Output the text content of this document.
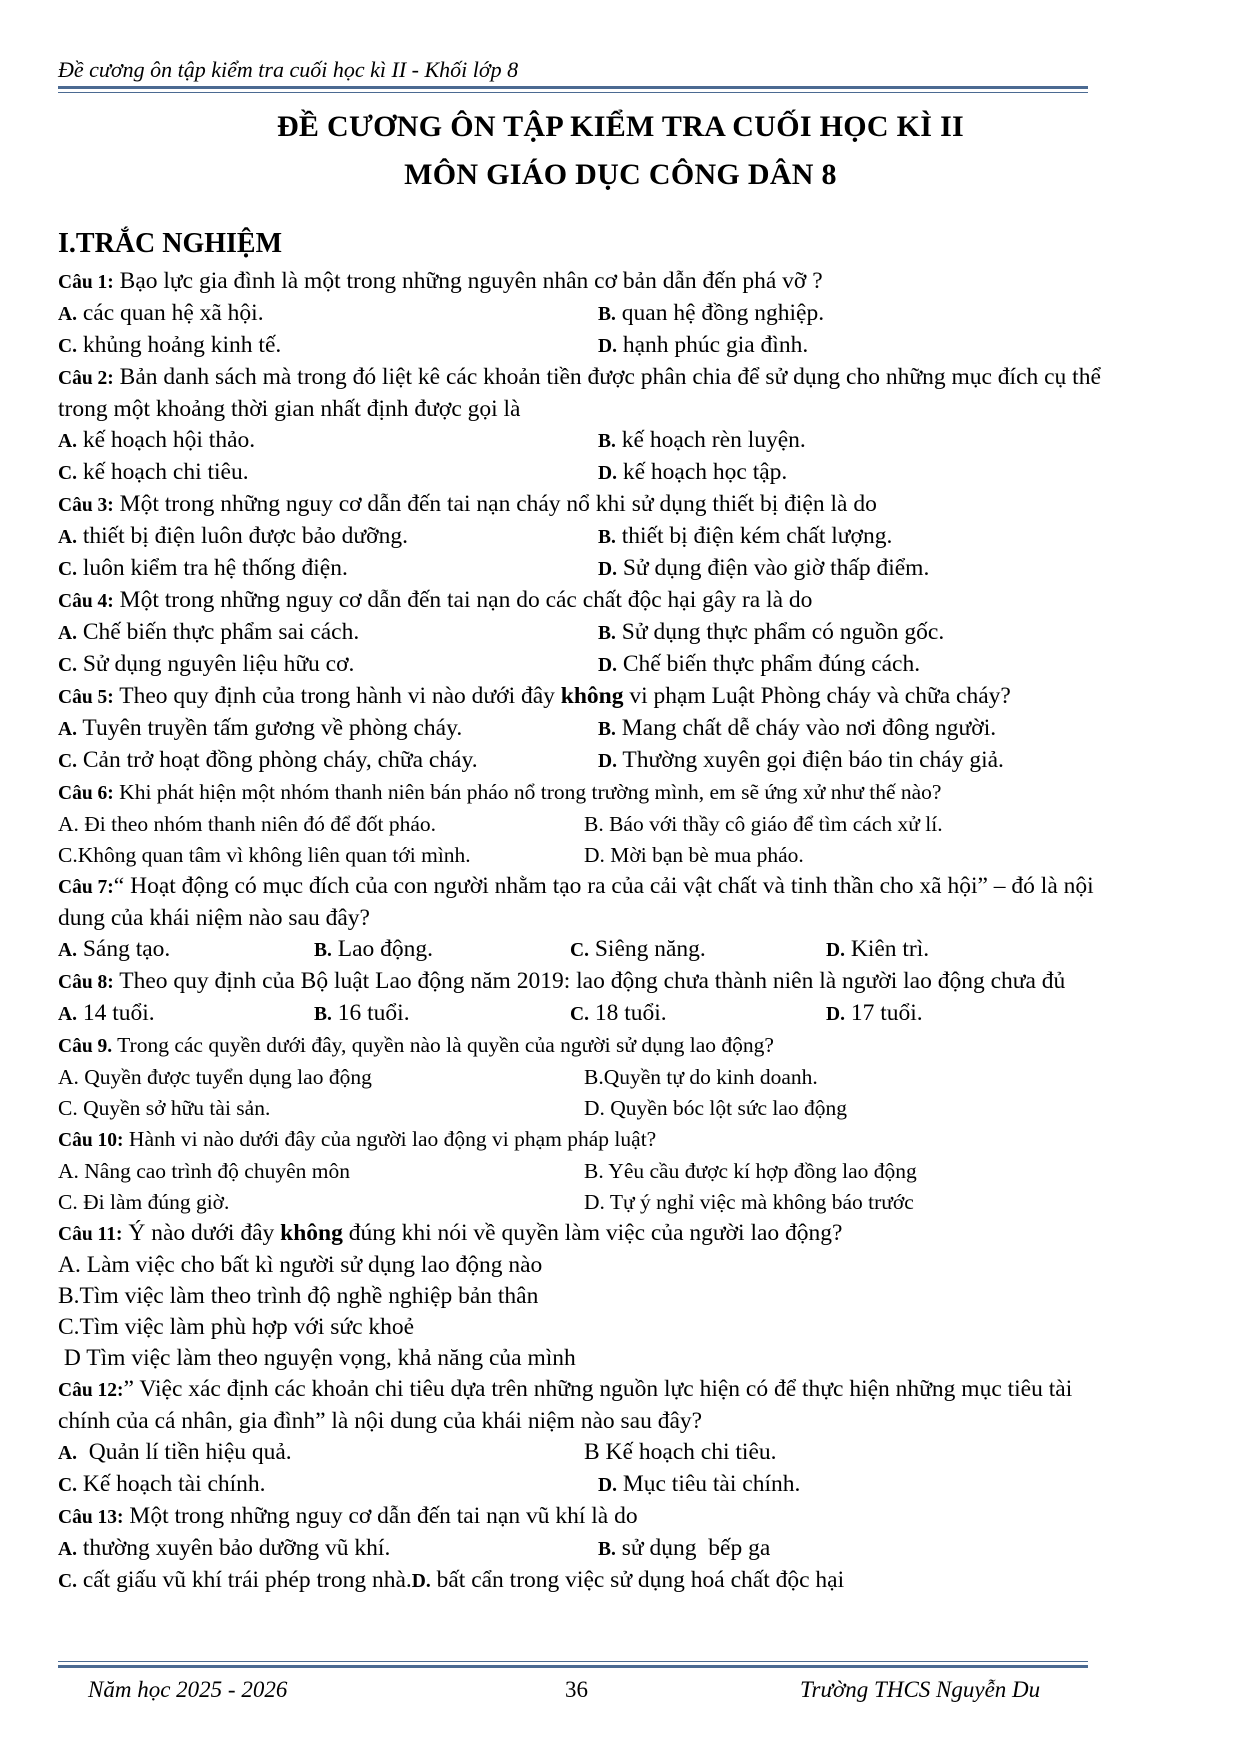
Đề cương ôn tập kiểm tra cuối học kì II - Khối lớp 8
ĐỀ CƯƠNG ÔN TẬP KIỂM TRA CUỐI HỌC KÌ II
MÔN GIÁO DỤC CÔNG DÂN 8
I.TRẮC NGHIỆM
Câu 1: Bạo lực gia đình là một trong những nguyên nhân cơ bản dẫn đến phá vỡ ?
A. các quan hệ xã hội.	B. quan hệ đồng nghiệp.
C. khủng hoảng kinh tế.	D. hạnh phúc gia đình.
Câu 2: Bản danh sách mà trong đó liệt kê các khoản tiền được phân chia để sử dụng cho những mục đích cụ thể trong một khoảng thời gian nhất định được gọi là
A. kế hoạch hội thảo.	B. kế hoạch rèn luyện.
C. kế hoạch chi tiêu.	D. kế hoạch học tập.
Câu 3: Một trong những nguy cơ dẫn đến tai nạn cháy nổ khi sử dụng thiết bị điện là do
A. thiết bị điện luôn được bảo dưỡng.	B. thiết bị điện kém chất lượng.
C. luôn kiểm tra hệ thống điện.	D. Sử dụng điện vào giờ thấp điểm.
Câu 4: Một trong những nguy cơ dẫn đến tai nạn do các chất độc hại gây ra là do
A. Chế biến thực phẩm sai cách.	B. Sử dụng thực phẩm có nguồn gốc.
C. Sử dụng nguyên liệu hữu cơ.	D. Chế biến thực phẩm đúng cách.
Câu 5: Theo quy định của trong hành vi nào dưới đây không vi phạm Luật Phòng cháy và chữa cháy?
A. Tuyên truyền tấm gương về phòng cháy.	B. Mang chất dễ cháy vào nơi đông người.
C. Cản trở hoạt đồng phòng cháy, chữa cháy.	D. Thường xuyên gọi điện báo tin cháy giả.
Câu 6: Khi phát hiện một nhóm thanh niên bán pháo nổ trong trường mình, em sẽ ứng xử như thế nào?
A. Đi theo nhóm thanh niên đó để đốt pháo.	B. Báo với thầy cô giáo để tìm cách xử lí.
C.Không quan tâm vì không liên quan tới mình.	D. Mời bạn bè mua pháo.
Câu 7:“ Hoạt động có mục đích của con người nhằm tạo ra của cải vật chất và tinh thần cho xã hội” – đó là nội dung của khái niệm nào sau đây?
A. Sáng tạo.	B. Lao động.	C. Siêng năng.	D. Kiên trì.
Câu 8: Theo quy định của Bộ luật Lao động năm 2019: lao động chưa thành niên là người lao động chưa đủ
A. 14 tuổi.	B. 16 tuổi.	C. 18 tuổi.	D. 17 tuổi.
Câu 9. Trong các quyền dưới đây, quyền nào là quyền của người sử dụng lao động?
A. Quyền được tuyển dụng lao động	B.Quyền tự do kinh doanh.
C. Quyền sở hữu tài sản.	D. Quyền bóc lột sức lao động
Câu 10: Hành vi nào dưới đây của người lao động vi phạm pháp luật?
A. Nâng cao trình độ chuyên môn	B. Yêu cầu được kí hợp đồng lao động
C. Đi làm đúng giờ.	D. Tự ý nghỉ việc mà không báo trước
Câu 11: Ý nào dưới đây không đúng khi nói về quyền làm việc của người lao động?
A. Làm việc cho bất kì người sử dụng lao động nào
B.Tìm việc làm theo trình độ nghề nghiệp bản thân
C.Tìm việc làm phù hợp với sức khoẻ
D Tìm việc làm theo nguyện vọng, khả năng của mình
Câu 12:” Việc xác định các khoản chi tiêu dựa trên những nguồn lực hiện có để thực hiện những mục tiêu tài chính của cá nhân, gia đình” là nội dung của khái niệm nào sau đây?
A.  Quản lí tiền hiệu quả.	B Kế hoạch chi tiêu.
C. Kế hoạch tài chính.	D. Mục tiêu tài chính.
Câu 13: Một trong những nguy cơ dẫn đến tai nạn vũ khí là do
A. thường xuyên bảo dưỡng vũ khí.	B. sử dụng  bếp ga
C. cất giấu vũ khí trái phép trong nhà.D. bất cẩn trong việc sử dụng hoá chất độc hại
Năm học 2025 - 2026	36	Trường THCS Nguyễn Du
